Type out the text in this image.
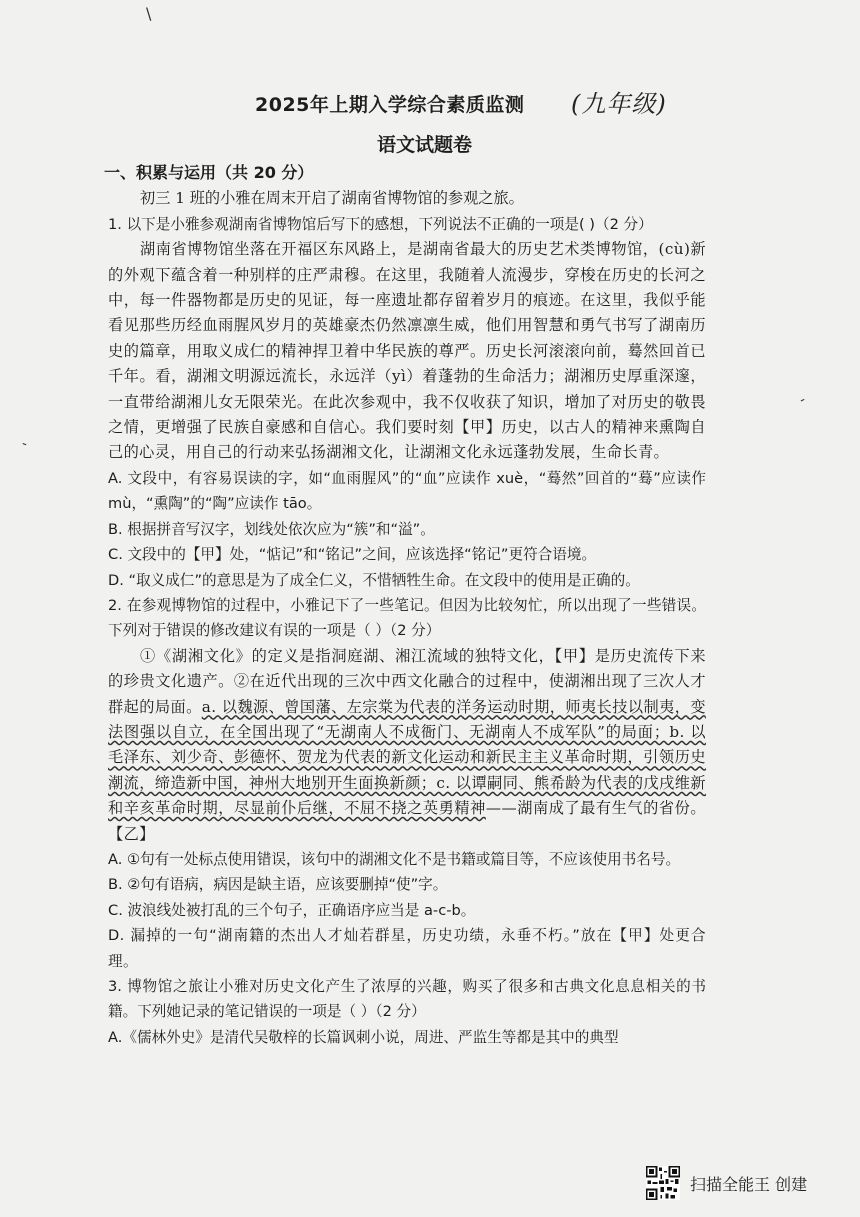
\
-
-
2025年上期入学综合素质监测 (九年级)
语文试题卷
一、积累与运用（共 20 分）

初三 1 班的小雅在周末开启了湖南省博物馆的参观之旅。

1. 以下是小雅参观湖南省博物馆后写下的感想，下列说法不正确的一项是( )（2 分）

湖南省博物馆坐落在开福区东风路上，是湖南省最大的历史艺术类博物馆，(cù)新的外观下蕴含着一种别样的庄严肃穆。在这里，我随着人流漫步，穿梭在历史的长河之中，每一件器物都是历史的见证，每一座遗址都存留着岁月的痕迹。在这里，我似乎能看见那些历经血雨腥风岁月的英雄豪杰仍然凛凛生威，他们用智慧和勇气书写了湖南历史的篇章，用取义成仁的精神捍卫着中华民族的尊严。历史长河滚滚向前，蓦然回首已千年。看，湖湘文明源远流长，永远洋（yì）着蓬勃的生命活力；湖湘历史厚重深邃，一直带给湖湘儿女无限荣光。在此次参观中，我不仅收获了知识，增加了对历史的敬畏之情，更增强了民族自豪感和自信心。我们要时刻【甲】历史，以古人的精神来熏陶自己的心灵，用自己的行动来弘扬湖湘文化，让湖湘文化永远蓬勃发展，生命长青。

A. 文段中，有容易误读的字，如“血雨腥风”的“血”应读作 xuè，“蓦然”回首的“蓦”应读作 mù，“熏陶”的“陶”应读作 tāo。

B. 根据拼音写汉字，划线处依次应为“簇”和“溢”。

C. 文段中的【甲】处，“惦记”和“铭记”之间，应该选择“铭记”更符合语境。

D. “取义成仁”的意思是为了成全仁义，不惜牺牲生命。在文段中的使用是正确的。

2. 在参观博物馆的过程中，小雅记下了一些笔记。但因为比较匆忙，所以出现了一些错误。下列对于错误的修改建议有误的一项是（ ）（2 分）

①《湖湘文化》的定义是指洞庭湖、湘江流域的独特文化，【甲】是历史流传下来的珍贵文化遗产。②在近代出现的三次中西文化融合的过程中，使湖湘出现了三次人才群起的局面。a. 以魏源、曾国藩、左宗棠为代表的洋务运动时期，师夷长技以制夷，变法图强以自立，在全国出现了“无湖南人不成衙门、无湖南人不成军队”的局面；b. 以毛泽东、刘少奇、彭德怀、贺龙为代表的新文化运动和新民主主义革命时期，引领历史潮流，缔造新中国，神州大地别开生面换新颜；c. 以谭嗣同、熊希龄为代表的戊戌维新和辛亥革命时期，尽显前仆后继，不屈不挠之英勇精神——湖南成了最有生气的省份。【乙】

A. ①句有一处标点使用错误，该句中的湖湘文化不是书籍或篇目等，不应该使用书名号。

B. ②句有语病，病因是缺主语，应该要删掉“使”字。

C. 波浪线处被打乱的三个句子，正确语序应当是 a-c-b。

D. 漏掉的一句“湖南籍的杰出人才灿若群星，历史功绩，永垂不朽。”放在【甲】处更合理。

3. 博物馆之旅让小雅对历史文化产生了浓厚的兴趣，购买了很多和古典文化息息相关的书籍。下列她记录的笔记错误的一项是（ ）（2 分）

A.《儒林外史》是清代吴敬梓的长篇讽刺小说，周进、严监生等都是其中的典型

扫描全能王 创建
